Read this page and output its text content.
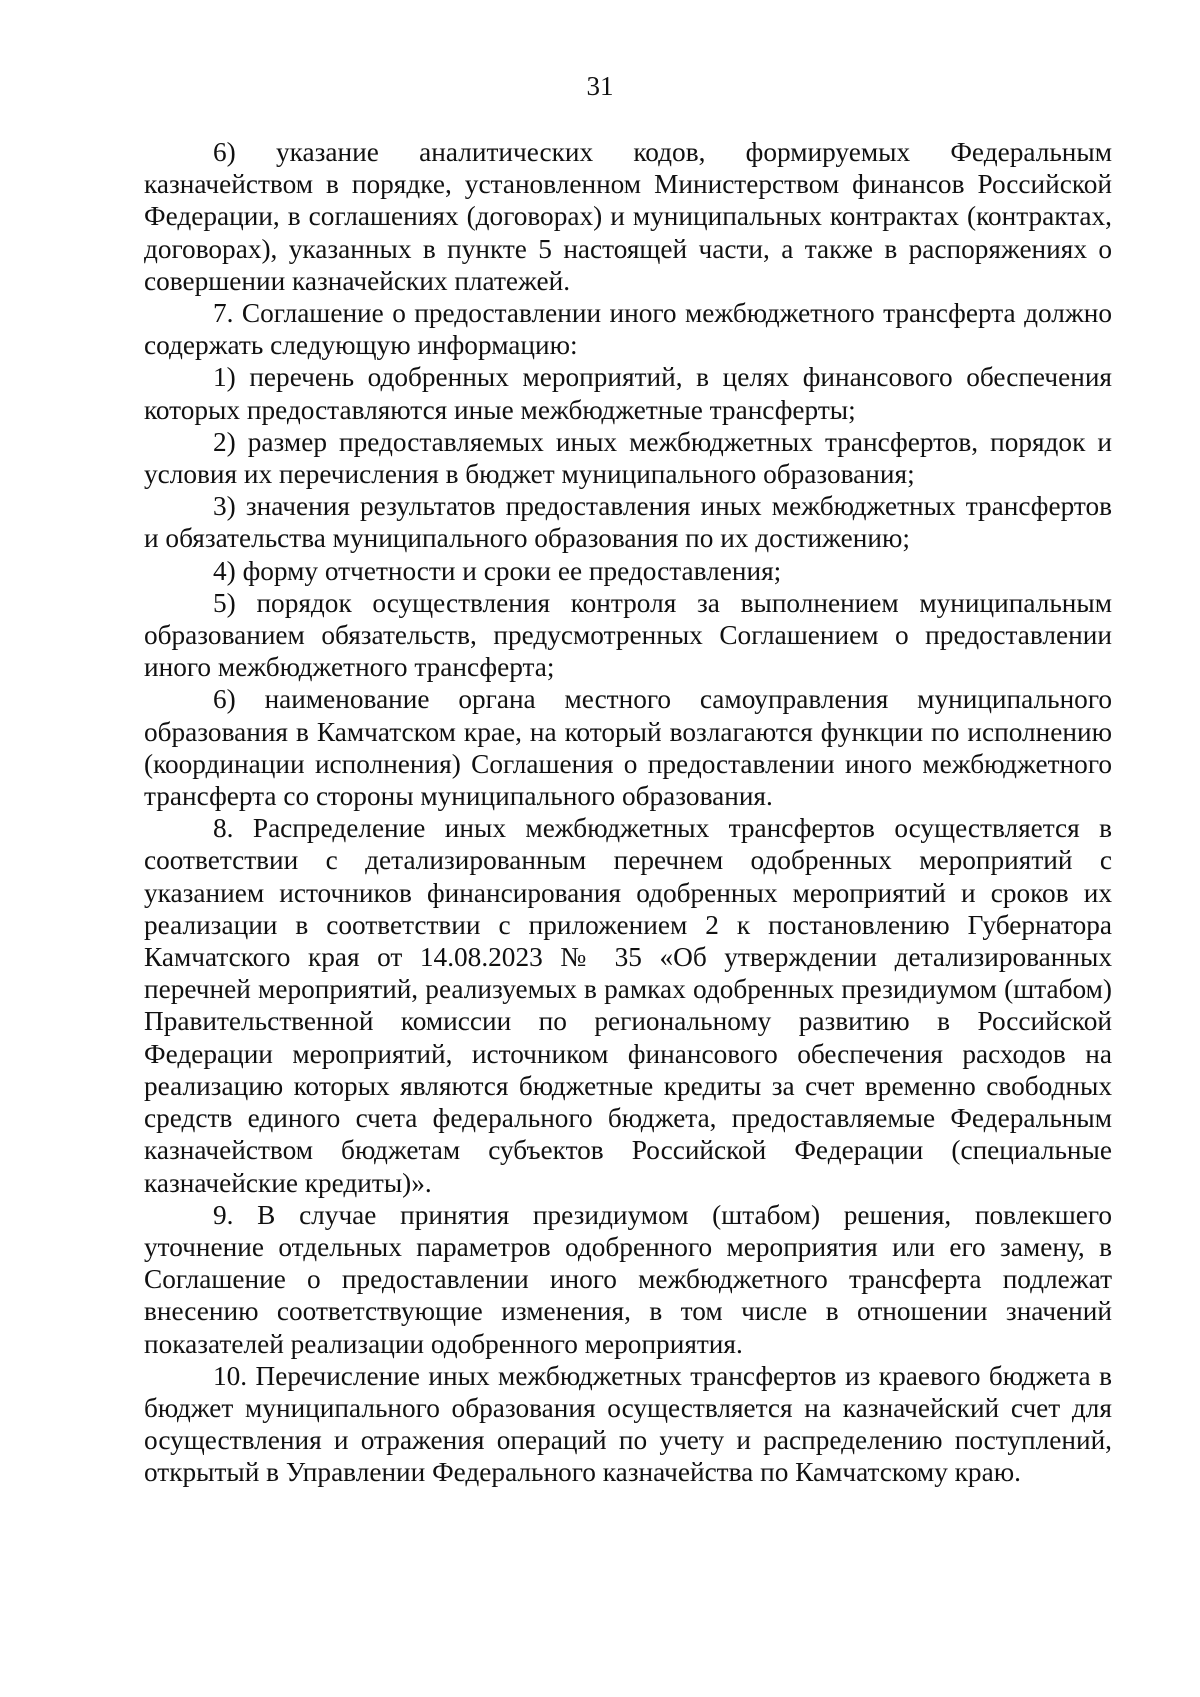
31

6) указание аналитических кодов, формируемых Федеральным казначейством в порядке, установленном Министерством финансов Российской Федерации, в соглашениях (договорах) и муниципальных контрактах (контрактах, договорах), указанных в пункте 5 настоящей части, а также в распоряжениях о совершении казначейских платежей.

7. Соглашение о предоставлении иного межбюджетного трансферта должно содержать следующую информацию:

1) перечень одобренных мероприятий, в целях финансового обеспечения которых предоставляются иные межбюджетные трансферты;

2) размер предоставляемых иных межбюджетных трансфертов, порядок и условия их перечисления в бюджет муниципального образования;

3) значения результатов предоставления иных межбюджетных трансфертов и обязательства муниципального образования по их достижению;

4) форму отчетности и сроки ее предоставления;

5) порядок осуществления контроля за выполнением муниципальным образованием обязательств, предусмотренных Соглашением о предоставлении иного межбюджетного трансферта;

6) наименование органа местного самоуправления муниципального образования в Камчатском крае, на который возлагаются функции по исполнению (координации исполнения) Соглашения о предоставлении иного межбюджетного трансферта со стороны муниципального образования.

8. Распределение иных межбюджетных трансфертов осуществляется в соответствии с детализированным перечнем одобренных мероприятий с указанием источников финансирования одобренных мероприятий и сроков их реализации в соответствии с приложением 2 к постановлению Губернатора Камчатского края от 14.08.2023 № 35 «Об утверждении детализированных перечней мероприятий, реализуемых в рамках одобренных президиумом (штабом) Правительственной комиссии по региональному развитию в Российской Федерации мероприятий, источником финансового обеспечения расходов на реализацию которых являются бюджетные кредиты за счет временно свободных средств единого счета федерального бюджета, предоставляемые Федеральным казначейством бюджетам субъектов Российской Федерации (специальные казначейские кредиты)».

9. В случае принятия президиумом (штабом) решения, повлекшего уточнение отдельных параметров одобренного мероприятия или его замену, в Соглашение о предоставлении иного межбюджетного трансферта подлежат внесению соответствующие изменения, в том числе в отношении значений показателей реализации одобренного мероприятия.

10. Перечисление иных межбюджетных трансфертов из краевого бюджета в бюджет муниципального образования осуществляется на казначейский счет для осуществления и отражения операций по учету и распределению поступлений, открытый в Управлении Федерального казначейства по Камчатскому краю.
